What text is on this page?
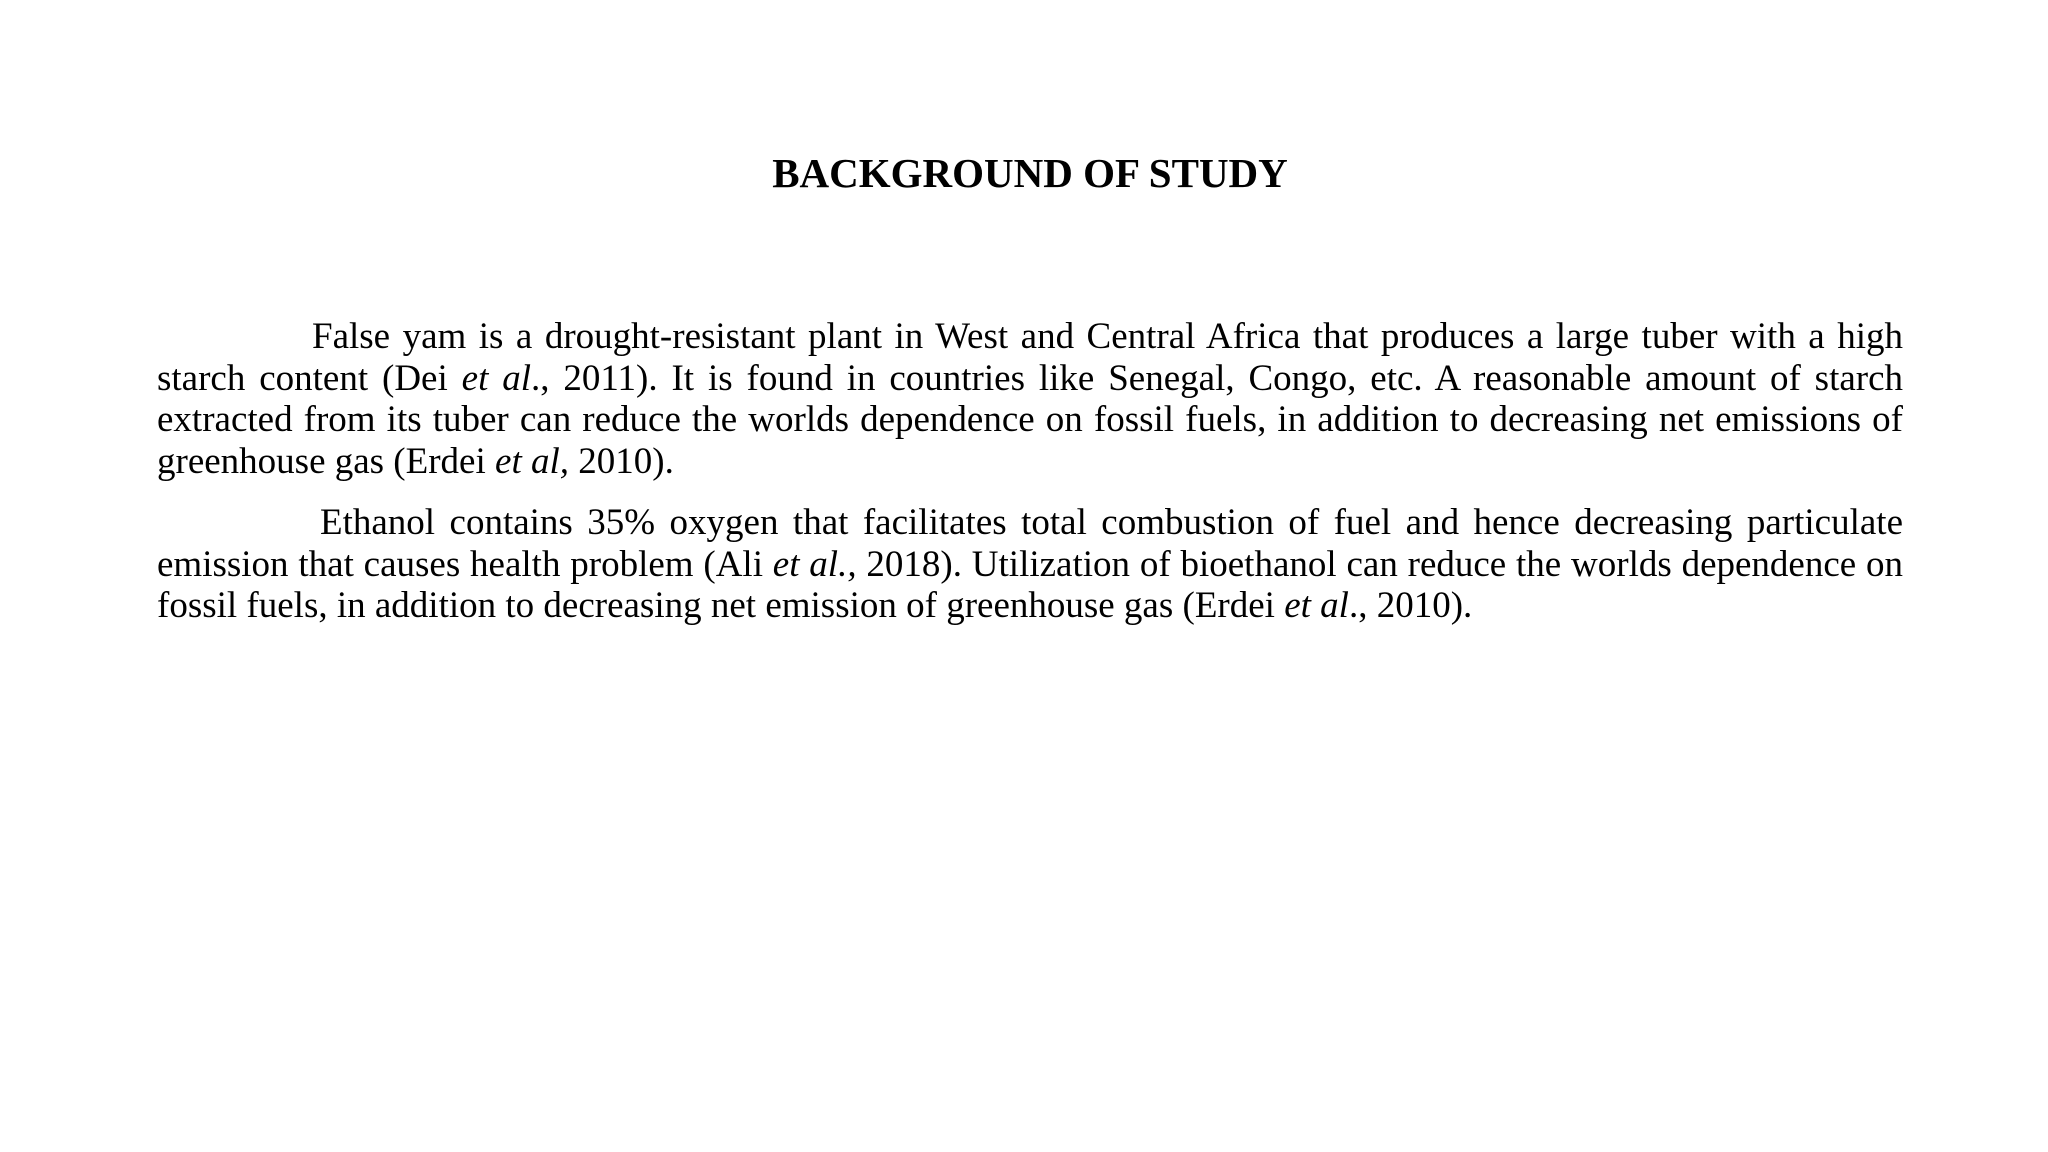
BACKGROUND OF STUDY

False yam is a drought-resistant plant in West and Central Africa that produces a large tuber with a high starch content (Dei et al., 2011). It is found in countries like Senegal, Congo, etc. A reasonable amount of starch extracted from its tuber can reduce the worlds dependence on fossil fuels, in addition to decreasing net emissions of greenhouse gas (Erdei et al, 2010).

Ethanol contains 35% oxygen that facilitates total combustion of fuel and hence decreasing particulate emission that causes health problem (Ali et al., 2018). Utilization of bioethanol can reduce the worlds dependence on fossil fuels, in addition to decreasing net emission of greenhouse gas (Erdei et al., 2010).
